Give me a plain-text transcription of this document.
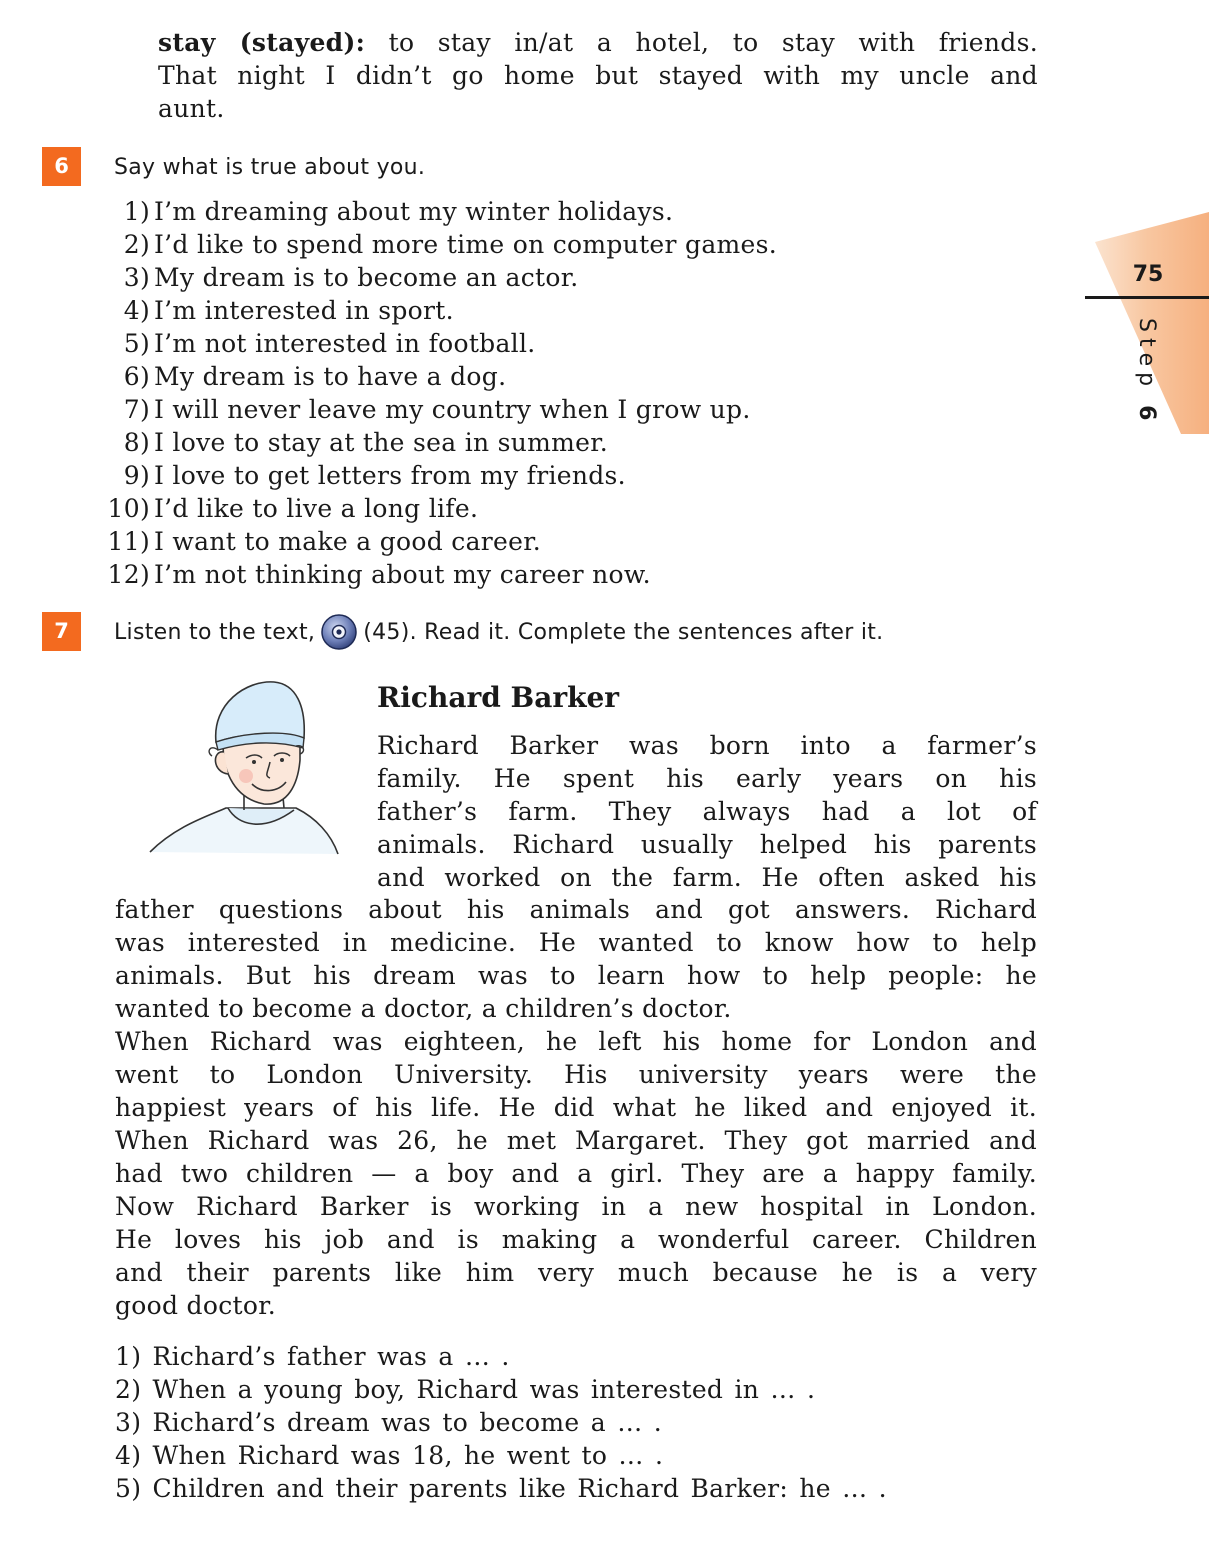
stay (stayed): to stay in/at a hotel, to stay with friends.
That night I didn’t go home but stayed with my uncle and
aunt.
75
Step 6
6	Say what is true about you.
1) I’m dreaming about my winter holidays.
2) I’d like to spend more time on computer games.
3) My dream is to become an actor.
4) I’m interested in sport.
5) I’m not interested in football.
6) My dream is to have a dog.
7) I will never leave my country when I grow up.
8) I love to stay at the sea in summer.
9) I love to get letters from my friends.
10) I’d like to live a long life.
11) I want to make a good career.
12) I’m not thinking about my career now.
7	Listen to the text, (45). Read it. Complete the sentences after it.
Richard Barker
Richard Barker was born into a farmer’s
family. He spent his early years on his
father’s farm. They always had a lot of
animals. Richard usually helped his parents
and worked on the farm. He often asked his
father questions about his animals and got answers. Richard
was interested in medicine. He wanted to know how to help
animals. But his dream was to learn how to help people: he
wanted to become a doctor, a children’s doctor.
When Richard was eighteen, he left his home for London and
went to London University. His university years were the
happiest years of his life. He did what he liked and enjoyed it.
When Richard was 26, he met Margaret. They got married and
had two children — a boy and a girl. They are a happy family.
Now Richard Barker is working in a new hospital in London.
He loves his job and is making a wonderful career. Children
and their parents like him very much because he is a very
good doctor.
1) Richard’s father was a … .
2) When a young boy, Richard was interested in … .
3) Richard’s dream was to become a … .
4) When Richard was 18, he went to … .
5) Children and their parents like Richard Barker: he … .
